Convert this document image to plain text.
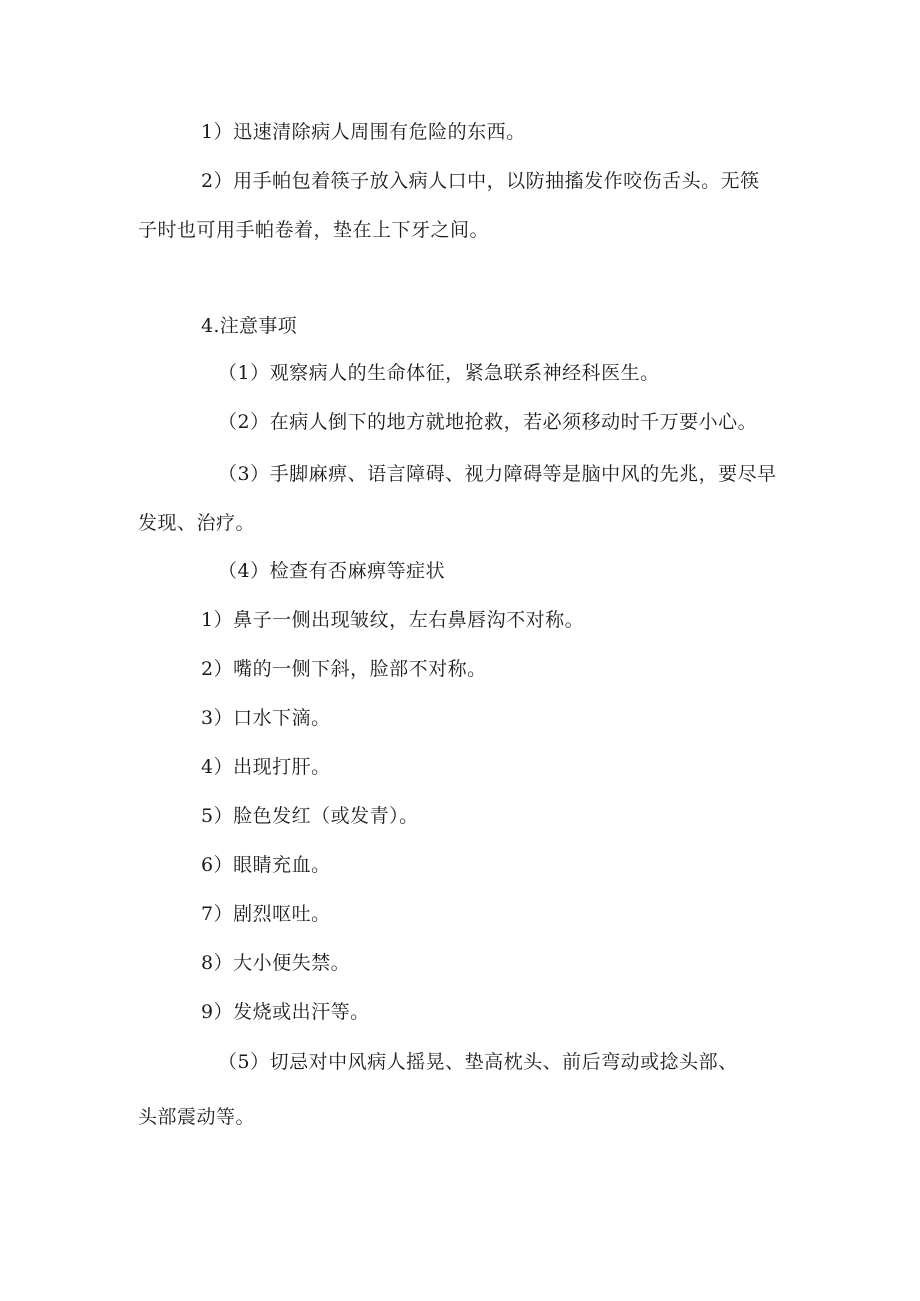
1）迅速清除病人周围有危险的东西。
2）用手帕包着筷子放入病人口中，以防抽搐发作咬伤舌头。无筷
子时也可用手帕卷着，垫在上下牙之间。
4.注意事项
（1）观察病人的生命体征，紧急联系神经科医生。
（2）在病人倒下的地方就地抢救，若必须移动时千万要小心。
（3）手脚麻痹、语言障碍、视力障碍等是脑中风的先兆，要尽早
发现、治疗。
（4）检查有否麻痹等症状
1）鼻子一侧出现皱纹，左右鼻唇沟不对称。
2）嘴的一侧下斜，脸部不对称。
3）口水下滴。
4）出现打肝。
5）脸色发红（或发青）。
6）眼睛充血。
7）剧烈呕吐。
8）大小便失禁。
9）发烧或出汗等。
（5）切忌对中风病人摇晃、垫高枕头、前后弯动或捻头部、
头部震动等。
